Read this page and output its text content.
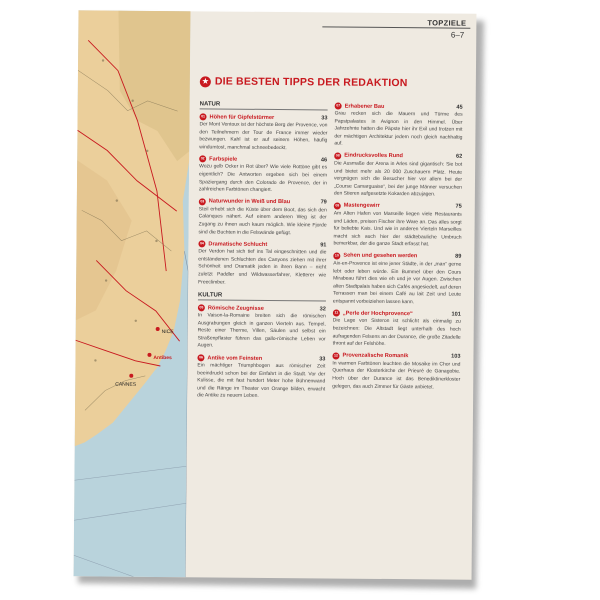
NICE
Antibes
CANNES
TOPZIELE
6–7
★ DIE BESTEN TIPPS DER REDAKTION
NATUR
01 Höhen für Gipfelstürmer	33
Der Mont Ventoux ist der höchste Berg der Provence, von den Teilnehmern der Tour de France immer wieder bezwungen. Kahl ist er auf seinem Höhen, häufig windumtost, manchmal schneebedeckt.
02 Farbspiele	46
Wozu gelb Ocker in Rot über? Wie viele Rottöne gibt es eigentlich? Die Antworten ergeben sich bei einem Spaziergang durch den Colorado de Provence, der in zahlreichen Farbtönen changiert.
03 Naturwunder in Weiß und Blau	79
Steil erhebt sich die Küste über dem Boot, das sich den Calanques nähert. Auf einem anderen Weg ist der Zugang zu ihnen auch kaum möglich. Wie kleine Fjorde sind die Buchten in die Felswände gefügt.
04 Dramatische Schlucht	91
Der Verdon hat sich tief ins Tal eingeschnitten und die entstandenen Schluchten des Canyons ziehen mit ihrer Schönheit und Dramatik jeden in ihren Bann – nicht zuletzt Paddler und Wildwasserfahrer, Kletterer wie Freeclimber.
KULTUR
05 Römische Zeugnisse	32
In Vaison-la-Romaine breiten sich die römischen Ausgrabungen gleich in ganzen Vierteln aus. Tempel, Reste einer Therme, Villen, Säulen und selbst ein Straßenpflaster führen das gallo-römische Leben vor Augen.
06 Antike vom Feinsten	33
Ein mächtiger Triumphbogen aus römischer Zeit beeindruckt schon bei der Einfahrt in die Stadt. Vor der Kulisse, die mit fast hundert Meter hohe Bühnenwand und die Ränge im Theater von Orange bilden, erwacht die Antike zu neuem Leben.
07 Erhabener Bau	45
Grau recken sich die Mauern und Türme des Papstpalastes in Avignon in den Himmel. Über Jahrzehnte hatten die Päpste hier ihr Exil und trotzen mit der mächtigen Architektur jedem noch gleich nachhaltig auf.
08 Eindrucksvolles Rund	62
Die Ausmaße der Arena in Arles sind gigantisch: Sie bot und bietet mehr als 20 000 Zuschauern Platz. Heute vergnügen sich die Besucher hier vor allem bei der „Course Camarguaise“, bei der junge Männer versuchen den Stieren aufgesetzte Kokarden abzujagen.
09 Mastengewirr	75
Am Alten Hafen von Marseille liegen viele Restaurants und Läden, preisen Fischer ihre Ware an. Das alles sorgt für beliebte Kais. Und wie in anderen Vierteln Marseilles macht sich auch hier der städtebauliche Umbruch bemerkbar, der die ganze Stadt erfasst hat.
10 Sehen und gesehen werden	89
Aix-en-Provence ist eine jener Städte, in der „man“ gerne lebt oder leben würde. Ein Bummel über den Cours Mirabeau führt dies wie eh und je vor Augen. Zwischen alten Stadtpalais haben sich Cafés angesiedelt, auf deren Terrassen man bei einem Café au lait Zeit und Leute entspannt vorbeiziehen lassen kann.
11 „Perle der Hochprovence“	101
Die Lage von Sisteron ist schlicht als einmalig zu bezeichnen: Die Altstadt liegt unterhalb des hoch aufragenden Felsens an der Durance, die große Zitadelle thront auf der Felshöhe.
12 Provenzalische Romanik	103
In warmen Farbtönen leuchten die Mosaike im Chor und Querhaus der Klosterkirche der Prieuré de Ganagobie. Hoch über der Durance ist das Benediktinerkloster gelegen, das auch Zimmer für Gäste anbietet.
